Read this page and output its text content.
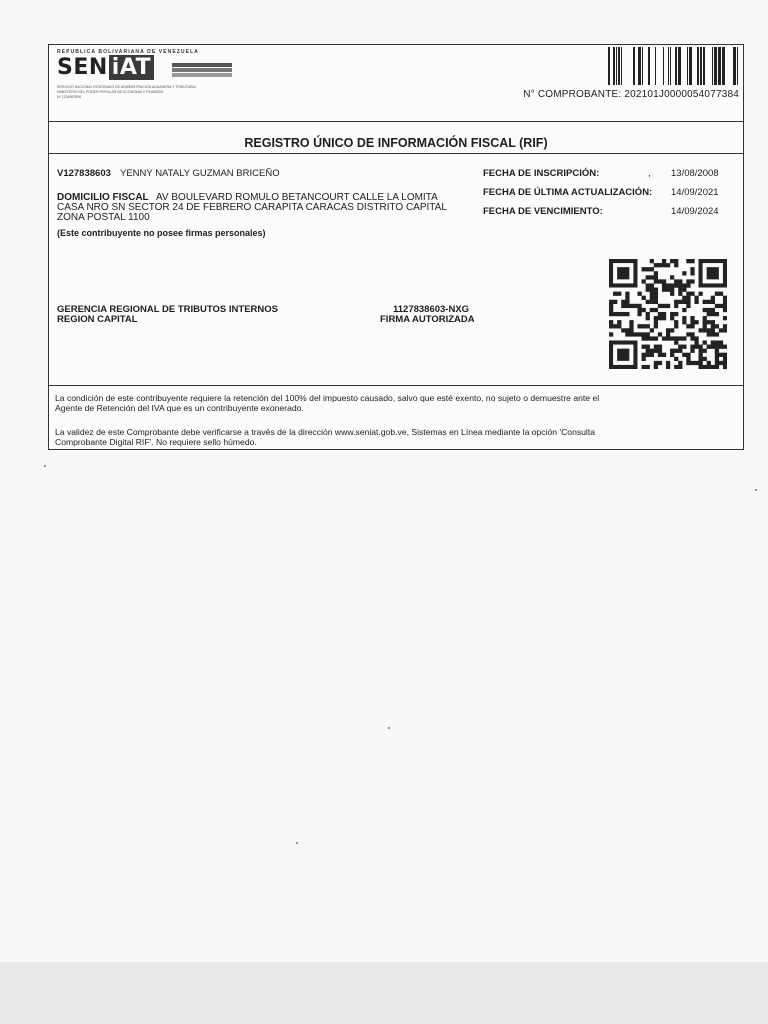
REPUBLICA BOLIVARIANA DE VENEZUELA
SEN iAT
SERVICIO NACIONAL INTEGRADO DE ADMINISTRACION ADUANERA Y TRIBUTARIA
MINISTERIO DEL PODER POPULAR DE ECONOMIA Y FINANZAS
Nº 1234567890	N° COMPROBANTE: 202101J0000054077384
REGISTRO ÚNICO DE INFORMACIÓN FISCAL (RIF)
V127838603 YENNY NATALY GUZMAN BRICEÑO
DOMICILIO FISCAL AV BOULEVARD ROMULO BETANCOURT CALLE LA LOMITA
CASA NRO SN SECTOR 24 DE FEBRERO CARAPITA CARACAS DISTRITO CAPITAL
ZONA POSTAL 1100
(Este contribuyente no posee firmas personales)
FECHA DE INSCRIPCIÓN:	, 13/08/2008
FECHA DE ÚLTIMA ACTUALIZACIÓN: 14/09/2021
FECHA DE VENCIMIENTO:	14/09/2024
GERENCIA REGIONAL DE TRIBUTOS INTERNOS
REGION CAPITAL
1127838603-NXG
FIRMA AUTORIZADA
La condición de este contribuyente requiere la retención del 100% del impuesto causado, salvo que esté exento, no sujeto o demuestre ante el
Agente de Retención del IVA que es un contribuyente exonerado.
La validez de este Comprobante debe verificarse a través de la dirección www.seniat.gob.ve, Sistemas en Línea mediante la opción 'Consulta
Comprobante Digital RIF'. No requiere sello húmedo.
